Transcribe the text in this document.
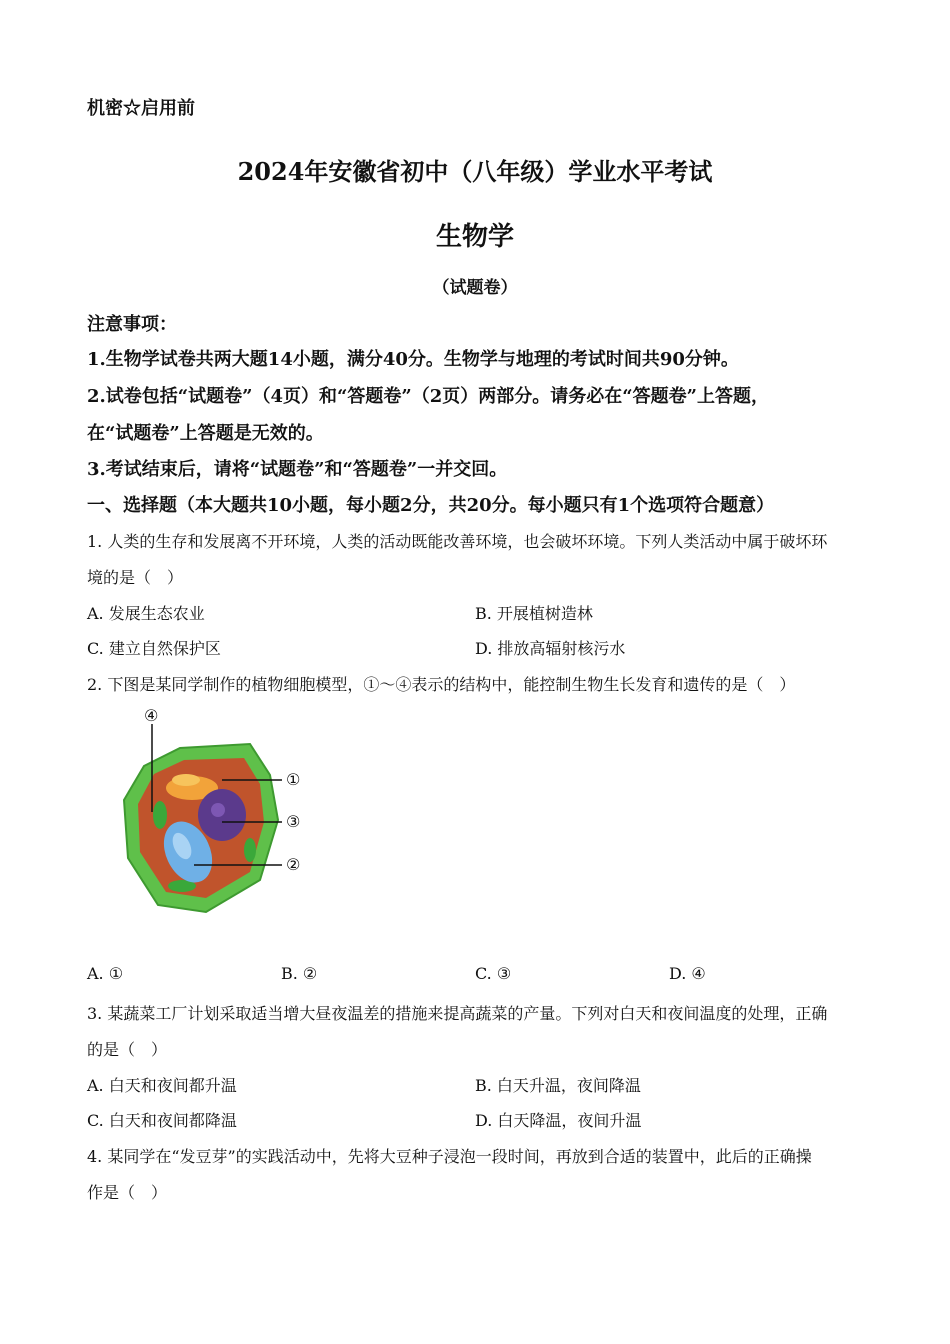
机密☆启用前
2024年安徽省初中（八年级）学业水平考试
生物学
（试题卷）
注意事项：
1.生物学试卷共两大题14小题，满分40分。生物学与地理的考试时间共90分钟。
2.试卷包括“试题卷”（4页）和“答题卷”（2页）两部分。请务必在“答题卷”上答题，
在“试题卷”上答题是无效的。
3.考试结束后，请将“试题卷”和“答题卷”一并交回。
一、选择题（本大题共10小题，每小题2分，共20分。每小题只有1个选项符合题意）
1. 人类的生存和发展离不开环境，人类的活动既能改善环境，也会破坏环境。下列人类活动中属于破坏环
境的是（　）
A. 发展生态农业	B. 开展植树造林
C. 建立自然保护区	D. 排放高辐射核污水
2. 下图是某同学制作的植物细胞模型，①～④表示的结构中，能控制生物生长发育和遗传的是（　）
④
①
③
②
A. ①	B. ②	C. ③	D. ④
3. 某蔬菜工厂计划采取适当增大昼夜温差的措施来提高蔬菜的产量。下列对白天和夜间温度的处理，正确
的是（　）
A. 白天和夜间都升温	B. 白天升温，夜间降温
C. 白天和夜间都降温	D. 白天降温，夜间升温
4. 某同学在“发豆芽”的实践活动中，先将大豆种子浸泡一段时间，再放到合适的装置中，此后的正确操
作是（　）
